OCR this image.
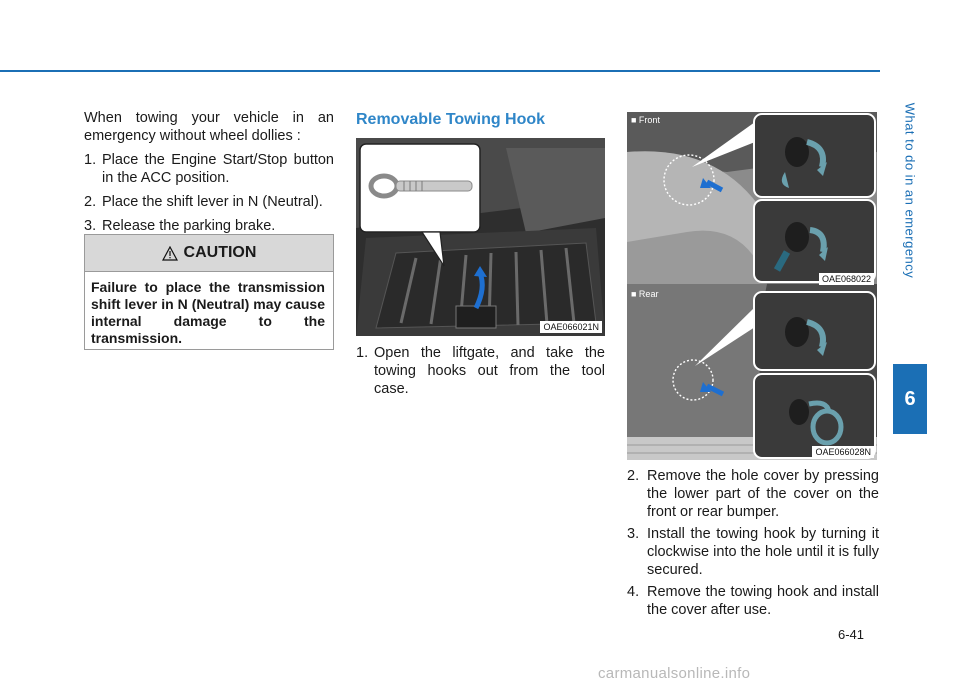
What to do in an emergency
6

When towing your vehicle in an emergency without wheel dollies :

1. Place the Engine Start/Stop button in the ACC position.
2. Place the shift lever in N (Neutral).
3. Release the parking brake.
CAUTION
Failure to place the transmission shift lever in N (Neutral) may cause internal damage to the transmission.
Removable Towing Hook
OAE066021N
1. Open the liftgate, and take the towing hooks out from the tool case.
■ Front
OAE068022
■ Rear
OAE066028N
2. Remove the hole cover by pressing the lower part of the cover on the front or rear bumper.
3. Install the towing hook by turning it clockwise into the hole until it is fully secured.
4. Remove the towing hook and install the cover after use.
6-41
carmanualsonline.info
